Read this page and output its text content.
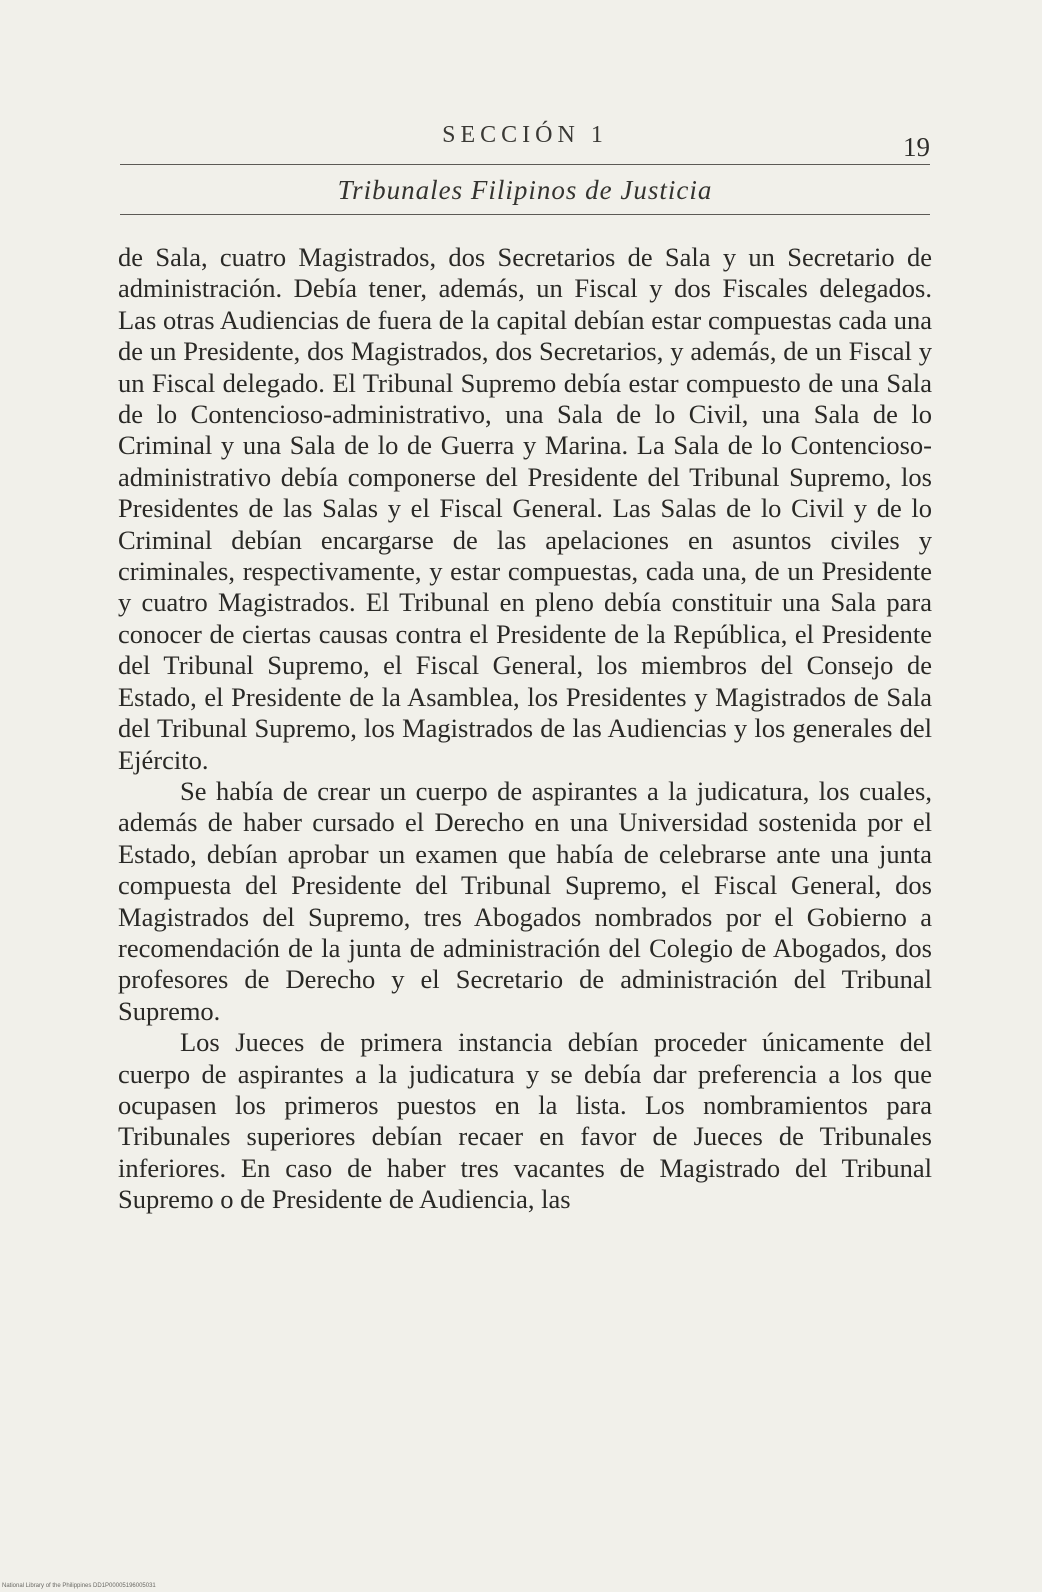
SECCIÓN 1	19
Tribunales Filipinos de Justicia

de Sala, cuatro Magistrados, dos Secretarios de Sala y un Secretario de administración. Debía tener, además, un Fiscal y dos Fiscales delegados. Las otras Audiencias de fuera de la capital debían estar compuestas cada una de un Presidente, dos Magistrados, dos Secretarios, y además, de un Fiscal y un Fiscal delegado. El Tribunal Supremo debía estar compuesto de una Sala de lo Contencioso-administrativo, una Sala de lo Civil, una Sala de lo Criminal y una Sala de lo de Guerra y Marina. La Sala de lo Contencioso-administrativo debía componerse del Presidente del Tribunal Supremo, los Presidentes de las Salas y el Fiscal General. Las Salas de lo Civil y de lo Criminal debían encargarse de las apelaciones en asuntos civiles y criminales, respectivamente, y estar compuestas, cada una, de un Presidente y cuatro Magistrados. El Tribunal en pleno debía constituir una Sala para conocer de ciertas causas contra el Presidente de la República, el Presidente del Tribunal Supremo, el Fiscal General, los miembros del Consejo de Estado, el Presidente de la Asamblea, los Presidentes y Magistrados de Sala del Tribunal Supremo, los Magistrados de las Audiencias y los generales del Ejército.

Se había de crear un cuerpo de aspirantes a la judicatura, los cuales, además de haber cursado el Derecho en una Universidad sostenida por el Estado, debían aprobar un examen que había de celebrarse ante una junta compuesta del Presidente del Tribunal Supremo, el Fiscal General, dos Magistrados del Supremo, tres Abogados nombrados por el Gobierno a recomendación de la junta de administración del Colegio de Abogados, dos profesores de Derecho y el Secretario de administración del Tribunal Supremo.

Los Jueces de primera instancia debían proceder únicamente del cuerpo de aspirantes a la judicatura y se debía dar preferencia a los que ocupasen los primeros puestos en la lista. Los nombramientos para Tribunales superiores debían recaer en favor de Jueces de Tribunales inferiores. En caso de haber tres vacantes de Magistrado del Tribunal Supremo o de Presidente de Audiencia, las

National Library of the Philippines DD1P00005196005031
